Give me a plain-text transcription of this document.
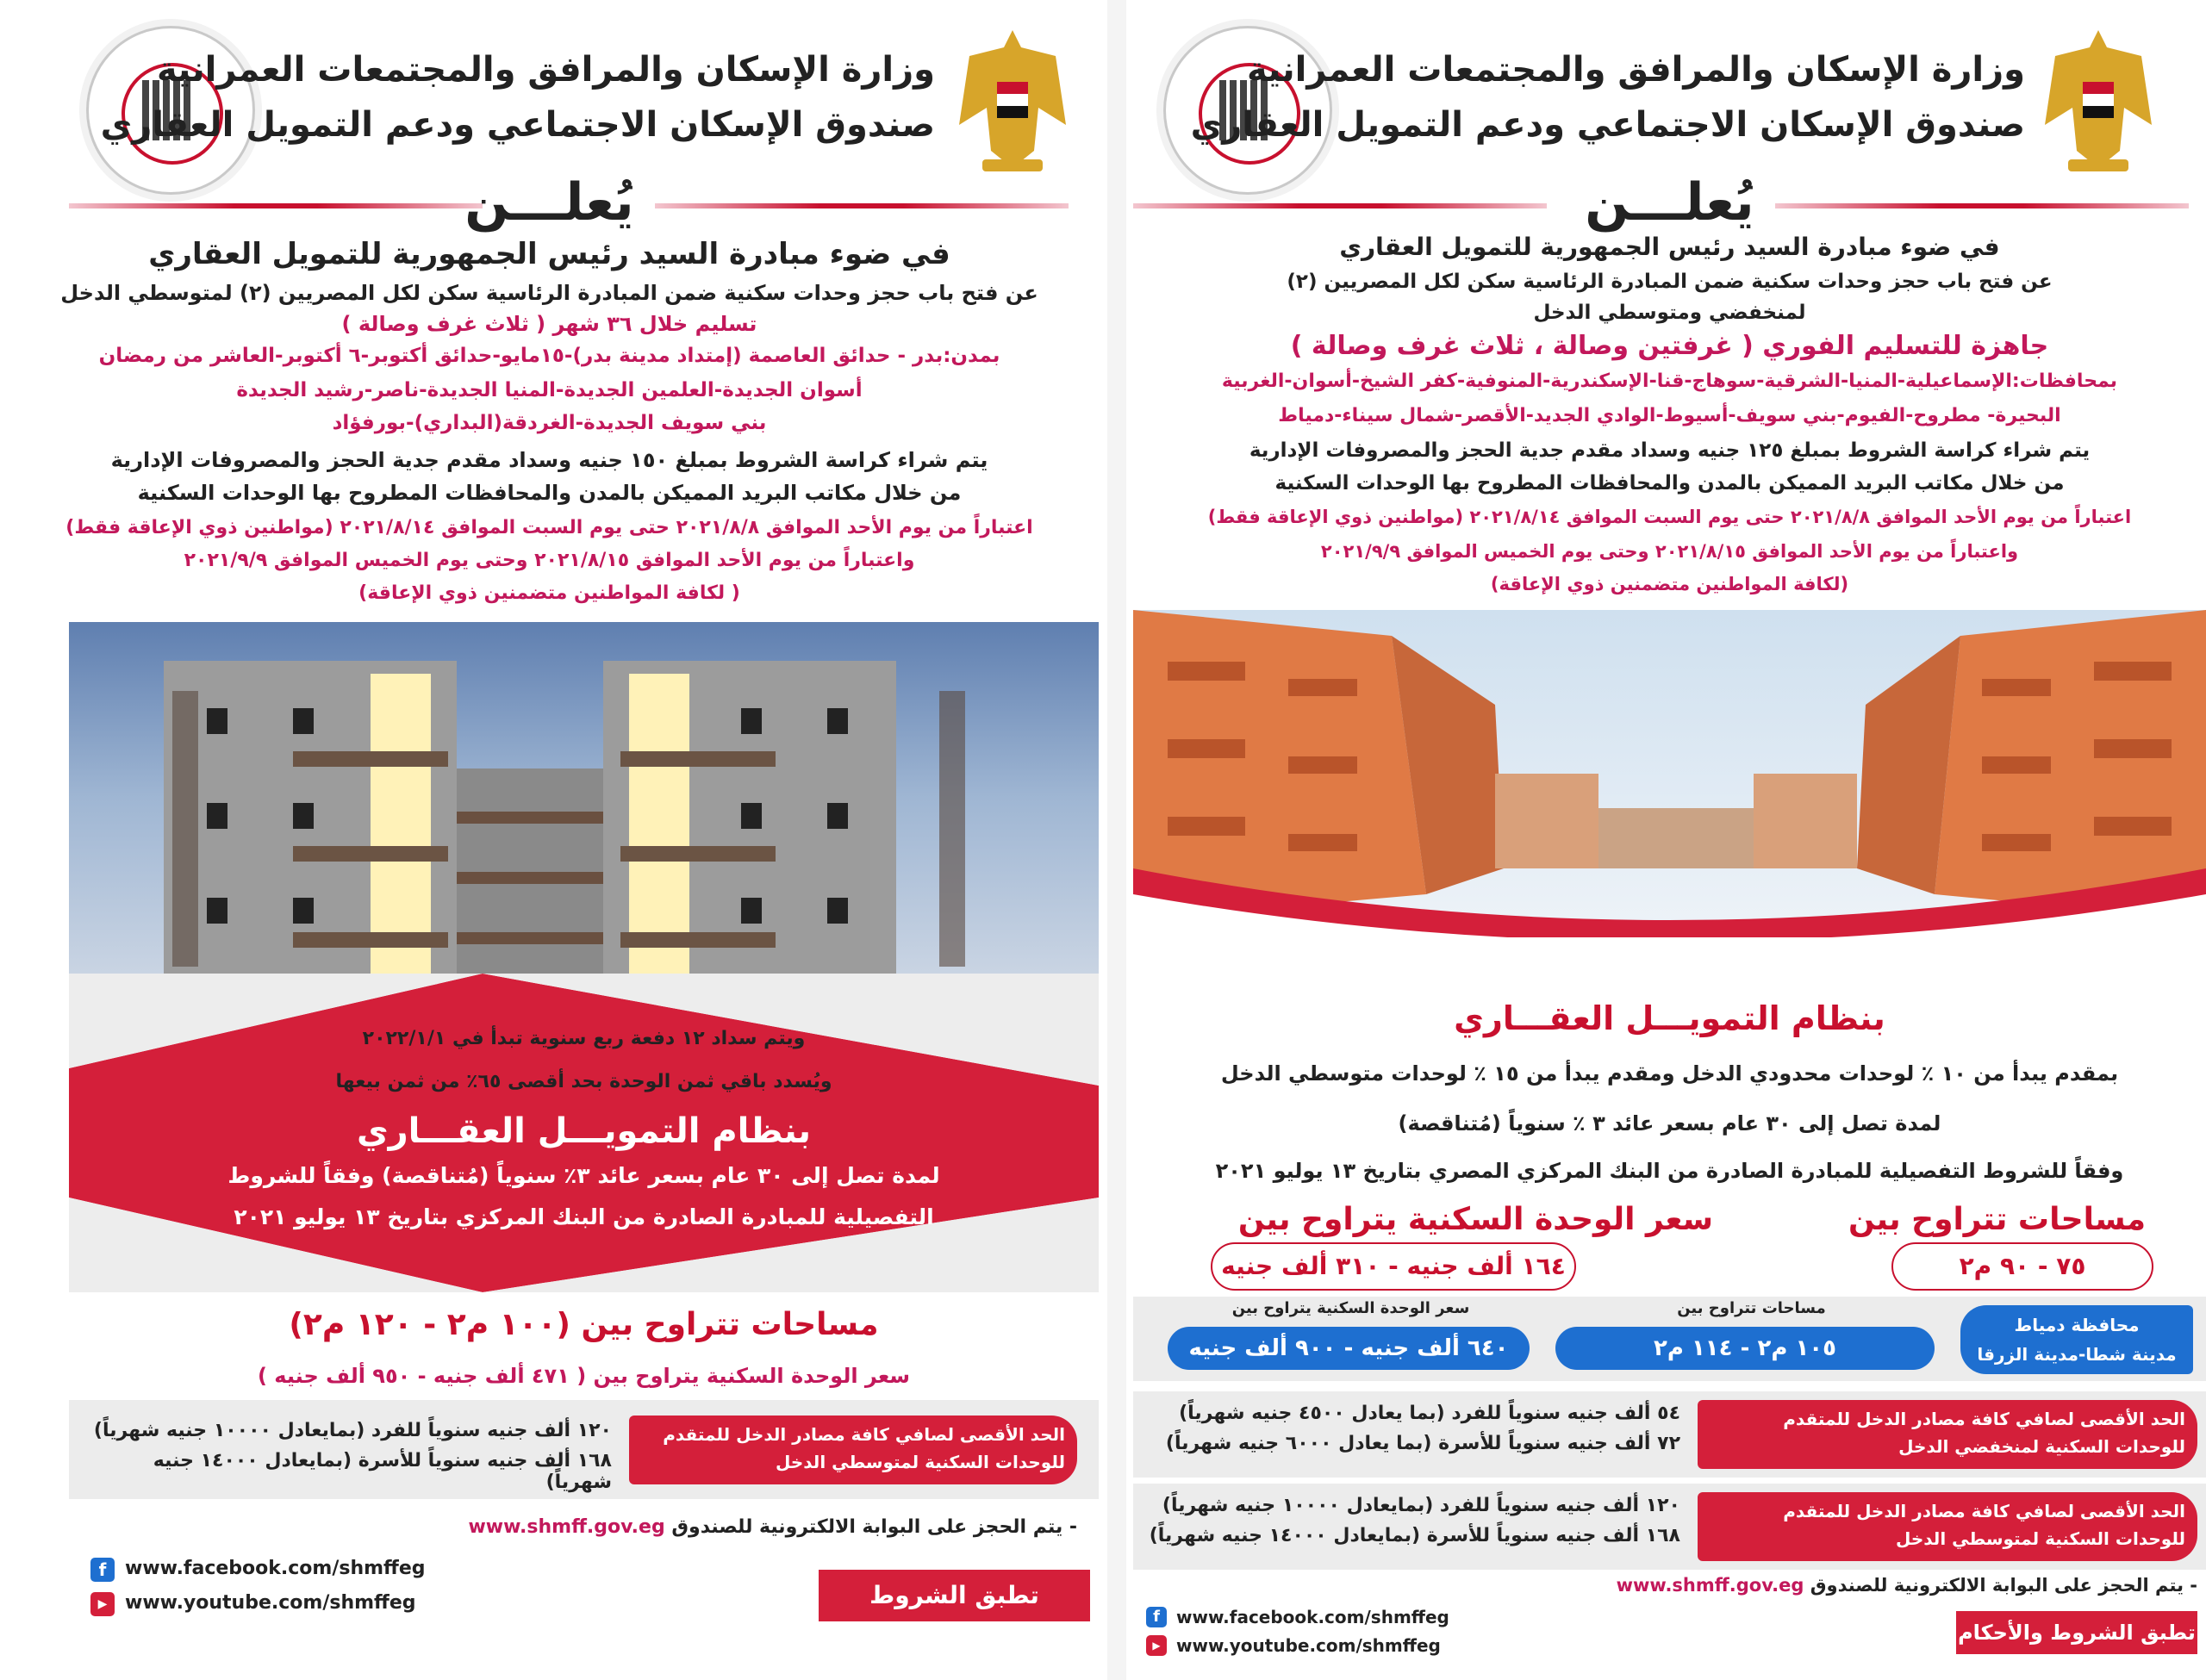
وزارة الإسكان والمرافق والمجتمعات العمرانية
صندوق الإسكان الاجتماعي ودعم التمويل العقاري
يُعلـــن
في ضوء مبادرة السيد رئيس الجمهورية للتمويل العقاري
عن فتح باب حجز وحدات سكنية ضمن المبادرة الرئاسية سكن لكل المصريين (٢) لمتوسطي الدخل
تسليم خلال ٣٦ شهر ( ثلاث غرف وصالة )
بمدن:بدر - حدائق العاصمة (إمتداد مدينة بدر)-١٥مايو-حدائق أكتوبر-٦ أكتوبر-العاشر من رمضان
أسوان الجديدة-العلمين الجديدة-المنيا الجديدة-ناصر-رشيد الجديدة
بني سويف الجديدة-الغردقة(البداري)-بورفؤاد
يتم شراء كراسة الشروط بمبلغ ١٥٠ جنيه وسداد مقدم جدية الحجز والمصروفات الإدارية
من خلال مكاتب البريد المميكن بالمدن والمحافظات المطروح بها الوحدات السكنية
اعتباراً من يوم الأحد الموافق ٢٠٢١/٨/٨ حتى يوم السبت الموافق ٢٠٢١/٨/١٤ (مواطنين ذوي الإعاقة فقط)
واعتباراً من يوم الأحد الموافق ٢٠٢١/٨/١٥ وحتى يوم الخميس الموافق ٢٠٢١/٩/٩
( لكافة المواطنين متضمنين ذوي الإعاقة)
ويتم سداد ١٢ دفعة ربع سنوية تبدأ في ٢٠٢٢/١/١
ويُسدد باقي ثمن الوحدة بحد أقصى ٦٥٪ من ثمن بيعها
بنظام التمويـــل العقـــاري
لمدة تصل إلى ٣٠ عام بسعر عائد ٣٪ سنوياً (مُتناقصة) وفقاً للشروط
التفصيلية للمبادرة الصادرة من البنك المركزي بتاريخ ١٣ يوليو ٢٠٢١
مساحات تتراوح بين (١٠٠ م٢ - ١٢٠ م٢)
سعر الوحدة السكنية يتراوح بين ( ٤٧١ ألف جنيه - ٩٥٠ ألف جنيه )
الحد الأقصى لصافي كافة مصادر الدخل للمتقدم
للوحدات السكنية لمتوسطي الدخل
١٢٠ ألف جنيه سنوياً للفرد (بمايعادل ١٠٠٠٠ جنيه شهرياً)
١٦٨ ألف جنيه سنوياً للأسرة (بمايعادل ١٤٠٠٠ جنيه شهرياً)
- يتم الحجز على البوابة الالكترونية للصندوق www.shmff.gov.eg
f www.facebook.com/shmffeg
▶ www.youtube.com/shmffeg	تطبق الشروط والأحكام
وزارة الإسكان والمرافق والمجتمعات العمرانية
صندوق الإسكان الاجتماعي ودعم التمويل العقاري
يُعلـــن
في ضوء مبادرة السيد رئيس الجمهورية للتمويل العقاري
عن فتح باب حجز وحدات سكنية ضمن المبادرة الرئاسية سكن لكل المصريين (٢)
لمنخفضي ومتوسطي الدخل
جاهزة للتسليم الفوري ( غرفتين وصالة ، ثلاث غرف وصالة )
بمحافظات:الإسماعيلية-المنيا-الشرقية-سوهاج-قنا-الإسكندرية-المنوفية-كفر الشيخ-أسوان-الغربية
البحيرة- مطروح-الفيوم-بني سويف-أسيوط-الوادي الجديد-الأقصر-شمال سيناء-دمياط
يتم شراء كراسة الشروط بمبلغ ١٢٥ جنيه وسداد مقدم جدية الحجز والمصروفات الإدارية
من خلال مكاتب البريد المميكن بالمدن والمحافظات المطروح بها الوحدات السكنية
اعتباراً من يوم الأحد الموافق ٢٠٢١/٨/٨ حتى يوم السبت الموافق ٢٠٢١/٨/١٤ (مواطنين ذوي الإعاقة فقط)
واعتباراً من يوم الأحد الموافق ٢٠٢١/٨/١٥ وحتى يوم الخميس الموافق ٢٠٢١/٩/٩
(لكافة المواطنين متضمنين ذوي الإعاقة)
بنظام التمويـــل العقـــاري
بمقدم يبدأ من ١٠ ٪ لوحدات محدودي الدخل ومقدم يبدأ من ١٥ ٪ لوحدات متوسطي الدخل
لمدة تصل إلى ٣٠ عام بسعر عائد ٣ ٪ سنوياً (مُتناقصة)
وفقاً للشروط التفصيلية للمبادرة الصادرة من البنك المركزي المصري بتاريخ ١٣ يوليو ٢٠٢١
مساحات تتراوح بين
٧٥ - ٩٠ م٢
سعر الوحدة السكنية يتراوح بين
١٦٤ ألف جنيه - ٣١٠ ألف جنيه
محافظة دمياط
مدينة شطا-مدينة الزرقا
مساحات تتراوح بين
١٠٥ م٢ - ١١٤ م٢
سعر الوحدة السكنية يتراوح بين
٦٤٠ ألف جنيه - ٩٠٠ ألف جنيه
الحد الأقصى لصافي كافة مصادر الدخل للمتقدم
للوحدات السكنية لمنخفضي الدخل
٥٤ ألف جنيه سنوياً للفرد (بما يعادل ٤٥٠٠ جنيه شهرياً)
٧٢ ألف جنيه سنوياً للأسرة (بما يعادل ٦٠٠٠ جنيه شهرياً)
الحد الأقصى لصافي كافة مصادر الدخل للمتقدم
للوحدات السكنية لمتوسطي الدخل
١٢٠ ألف جنيه سنوياً للفرد (بمايعادل ١٠٠٠٠ جنيه شهرياً)
١٦٨ ألف جنيه سنوياً للأسرة (بمايعادل ١٤٠٠٠ جنيه شهرياً)
- يتم الحجز على البوابة الالكترونية للصندوق www.shmff.gov.eg
f www.facebook.com/shmffeg
▶ www.youtube.com/shmffeg
تطبق الشروط والأحكام
